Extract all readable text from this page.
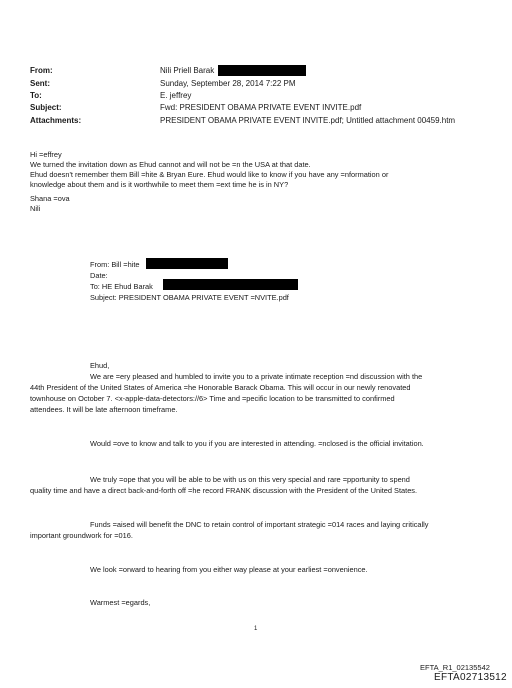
From:	Nili Priell Barak
Sent:	Sunday, September 28, 2014 7:22 PM
To:	E. jeffrey
Subject:	Fwd: PRESIDENT OBAMA PRIVATE EVENT INVITE.pdf
Attachments:	PRESIDENT OBAMA PRIVATE EVENT INVITE.pdf; Untitled attachment 00459.htm
Hi =effrey
We turned the invitation down as Ehud cannot and will not be =n the USA at that date.
Ehud doesn't remember them Bill =hite & Bryan Eure. Ehud would like to know if you have any =nformation or
knowledge about them and is it worthwhile to meet them =ext time he is in NY?
Shana =ova
Nili
From: Bill =hite
Date:
To: HE Ehud Barak
Subject: PRESIDENT OBAMA PRIVATE EVENT =NVITE.pdf
Ehud,
We are =ery pleased and humbled to invite you to a private intimate reception =nd discussion with the
44th President of the United States of America =he Honorable Barack Obama. This will occur in our newly renovated
townhouse on October 7. <x-apple-data-detectors://6> Time and =pecific location to be transmitted to confirmed
attendees. It will be late afternoon timeframe.
Would =ove to know and talk to you if you are interested in attending. =nclosed is the official invitation.
We truly =ope that you will be able to be with us on this very special and rare =pportunity to spend
quality time and have a direct back-and-forth off =he record FRANK discussion with the President of the United States.
Funds =aised will benefit the DNC to retain control of important strategic =014 races and laying critically
important groundwork for =016.
We look =orward to hearing from you either way please at your earliest =onvenience.
Warmest =egards,
1
EFTA_R1_02135542
EFTA02713512
